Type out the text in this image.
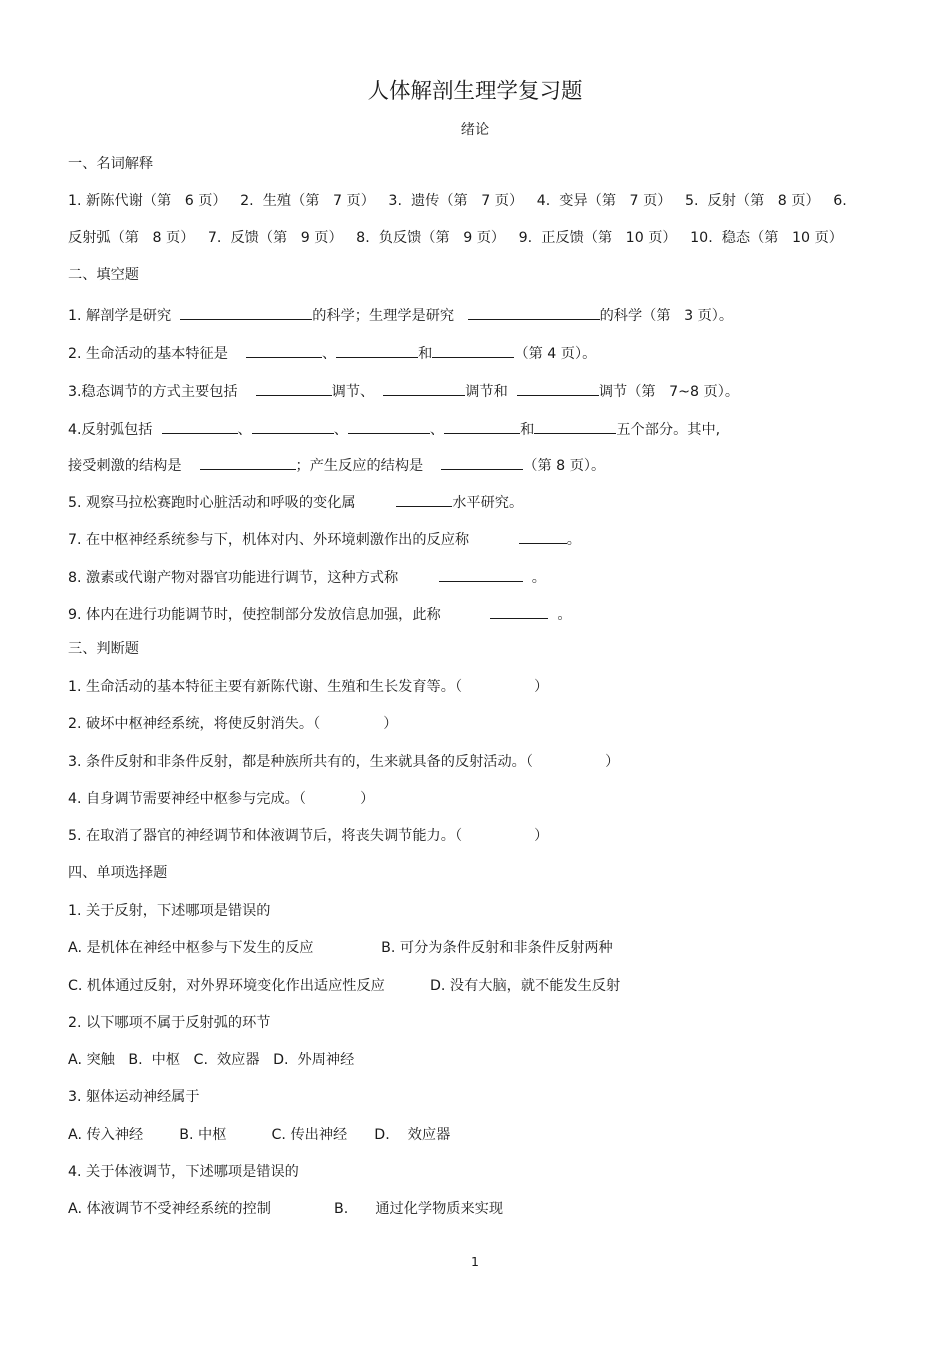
人体解剖生理学复习题
绪论
一、名词解释
1. 新陈代谢（第   6 页）   2.  生殖（第   7 页）   3.  遗传（第   7 页）   4.  变异（第   7 页）   5.  反射（第   8 页）   6.
反射弧（第   8 页）   7.  反馈（第   9 页）   8.  负反馈（第   9 页）   9.  正反馈（第   10 页）   10.  稳态（第   10 页）
二、填空题
1. 解剖学是研究	的科学；生理学是研究	的科学（第   3 页）。
2. 生命活动的基本特征是	、	和	（第 4 页）。
3.稳态调节的方式主要包括	调节、	调节和	调节（第   7~8 页）。
4.反射弧包括	、	、	、	和	五个部分。其中,
接受刺激的结构是	；产生反应的结构是	（第 8 页）。
5. 观察马拉松赛跑时心脏活动和呼吸的变化属	水平研究。
7. 在中枢神经系统参与下，机体对内、外环境刺激作出的反应称	。
8. 激素或代谢产物对器官功能进行调节，这种方式称	。
9. 体内在进行功能调节时，使控制部分发放信息加强，此称	。
三、判断题
1. 生命活动的基本特征主要有新陈代谢、生殖和生长发育等。（                ）
2. 破坏中枢神经系统，将使反射消失。（              ）
3. 条件反射和非条件反射，都是种族所共有的，生来就具备的反射活动。（                ）
4. 自身调节需要神经中枢参与完成。（            ）
5. 在取消了器官的神经调节和体液调节后，将丧失调节能力。（                ）
四、单项选择题
1. 关于反射，下述哪项是错误的
A. 是机体在神经中枢参与下发生的反应               B. 可分为条件反射和非条件反射两种
C. 机体通过反射，对外界环境变化作出适应性反应          D. 没有大脑，就不能发生反射
2. 以下哪项不属于反射弧的环节
A. 突触   B.  中枢   C.  效应器   D.  外周神经
3. 躯体运动神经属于
A. 传入神经        B. 中枢          C. 传出神经      D.    效应器
4. 关于体液调节，下述哪项是错误的
A. 体液调节不受神经系统的控制              B.      通过化学物质来实现
1
